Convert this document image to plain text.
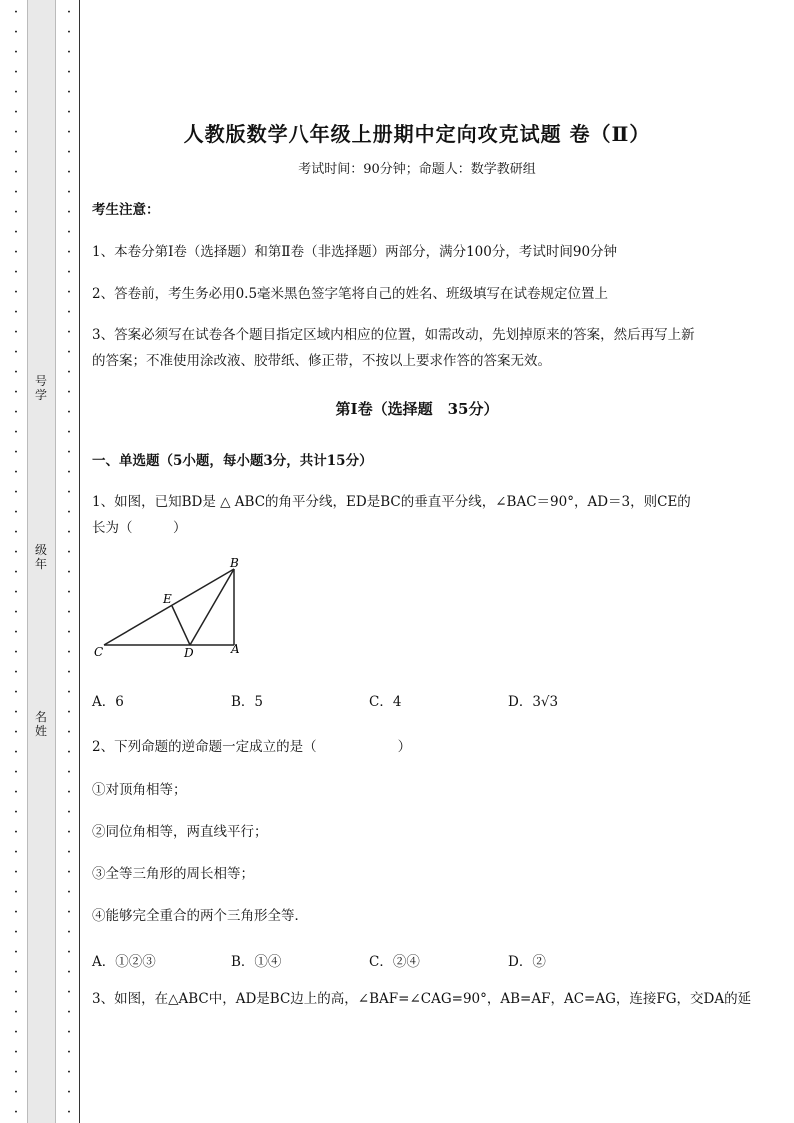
·
·
·
·
·
·
·
·
·
·
·
·
·
·
·
·
·
·
·
·
·
·
·
·
·
·
·
·
·
·
·
·
·
·
·
·
·
·
·
·
·
·
·
·
·
·
·
·
·
·
·
·
·
·
·
·
号学
级年
名姓
·
·
·
·
·
·
·
·
·
·
·
·
·
·
·
·
·
·
·
·
·
·
·
·
·
·
·
·
·
·
·
·
·
·
·
·
·
·
·
·
·
·
·
·
·
·
·
·
·
·
·
·
·
·
·
·
人教版数学八年级上册期中定向攻克试题 卷（Ⅱ）
考试时间：90分钟；命题人：数学教研组
考生注意：
1、本卷分第I卷（选择题）和第Ⅱ卷（非选择题）两部分，满分100分，考试时间90分钟
2、答卷前，考生务必用0.5毫米黑色签字笔将自己的姓名、班级填写在试卷规定位置上
3、答案必须写在试卷各个题目指定区域内相应的位置，如需改动，先划掉原来的答案，然后再写上新
的答案；不准使用涂改液、胶带纸、修正带，不按以上要求作答的答案无效。
第I卷（选择题　35分）
一、单选题（5小题，每小题3分，共计15分）
1、如图，已知BD是 △ ABC的角平分线，ED是BC的垂直平分线，∠BAC＝90°，AD＝3，则CE的
长为（　　　）
B
E
C	D	A
A．6	B．5	C．4	D．3√3
2、下列命题的逆命题一定成立的是（　　　　　　）
①对顶角相等；
②同位角相等，两直线平行；
③全等三角形的周长相等；
④能够完全重合的两个三角形全等．
A．①②③	B．①④	C．②④	D．②
3、如图，在△ABC中，AD是BC边上的高，∠BAF=∠CAG=90°，AB=AF，AC=AG，连接FG，交DA的延
